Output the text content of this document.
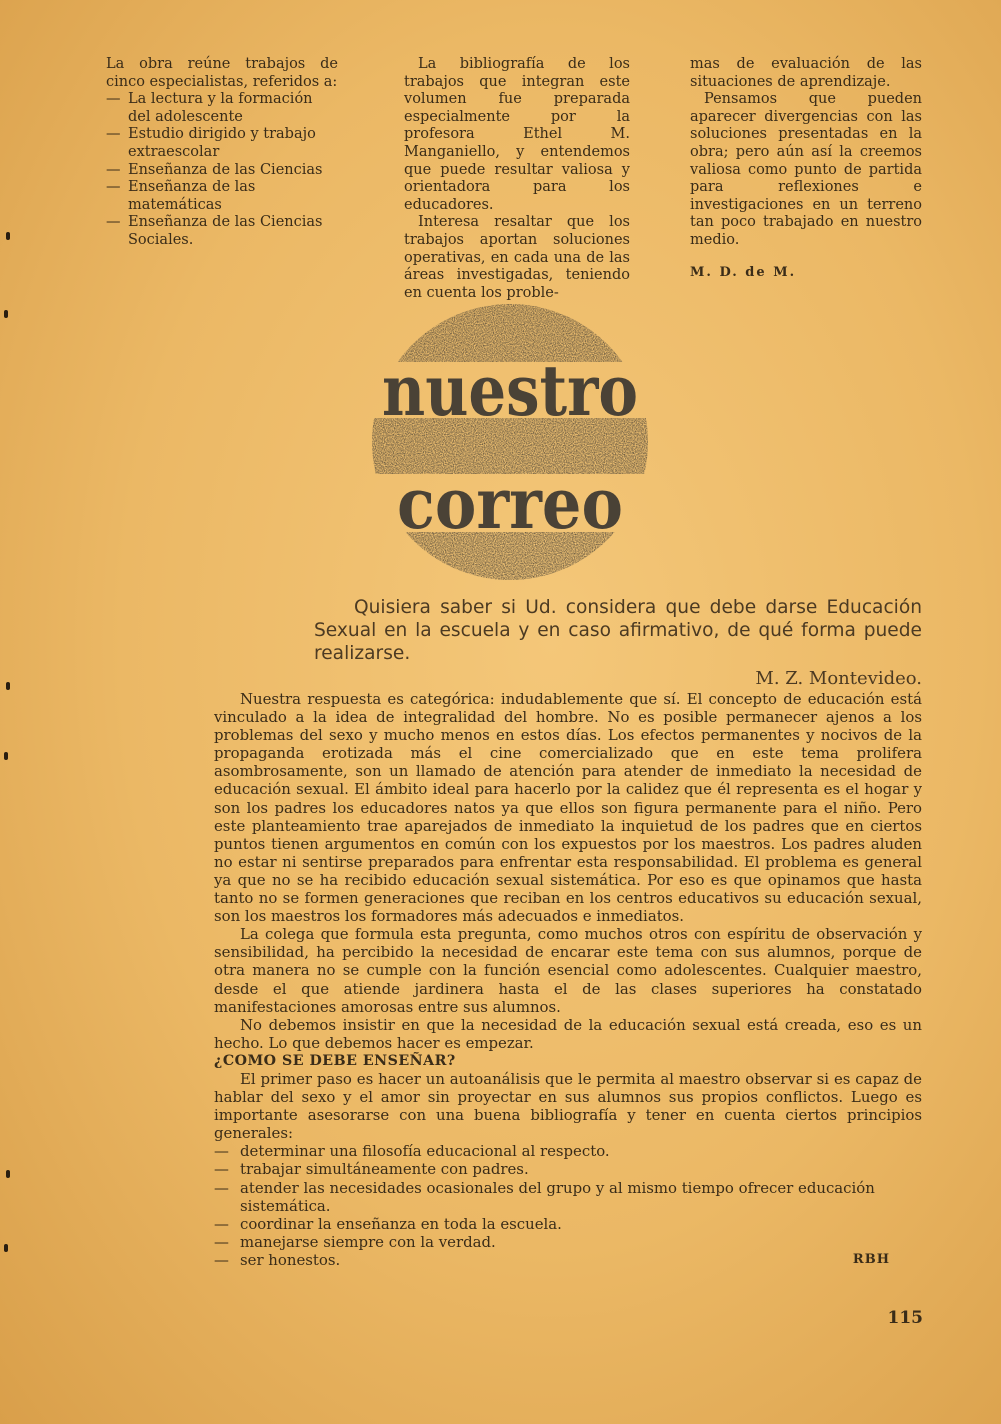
La obra reúne trabajos de cinco especialistas, referidos a:

— La lectura y la formación del adolescente
— Estudio dirigido y trabajo extraescolar
— Enseñanza de las Ciencias
— Enseñanza de las matemáticas
— Enseñanza de las Ciencias Sociales.

La bibliografía de los trabajos que integran este volumen fue preparada especialmente por la profesora Ethel M. Manganiello, y entendemos que puede resultar valiosa y orientadora para los educadores.

Interesa resaltar que los trabajos aportan soluciones operativas, en cada una de las áreas investigadas, teniendo en cuenta los proble-

mas de evaluación de las situaciones de aprendizaje.

Pensamos que pueden aparecer divergencias con las soluciones presentadas en la obra; pero aún así la creemos valiosa como punto de partida para reflexiones e investigaciones en un terreno tan poco trabajado en nuestro medio.

M. D. de M.

nuestro
correo

Quisiera saber si Ud. considera que debe darse Educación Sexual en la escuela y en caso afirmativo, de qué forma puede realizarse.

M. Z. Montevideo.

Nuestra respuesta es categórica: indudablemente que sí. El concepto de educación está vinculado a la idea de integralidad del hombre. No es posible permanecer ajenos a los problemas del sexo y mucho menos en estos días. Los efectos permanentes y nocivos de la propaganda erotizada más el cine comercializado que en este tema prolifera asombrosamente, son un llamado de atención para atender de inmediato la necesidad de educación sexual. El ámbito ideal para hacerlo por la calidez que él representa es el hogar y son los padres los educadores natos ya que ellos son figura permanente para el niño. Pero este planteamiento trae aparejados de inmediato la inquietud de los padres que en ciertos puntos tienen argumentos en común con los expuestos por los maestros. Los padres aluden no estar ni sentirse preparados para enfrentar esta responsabilidad. El problema es general ya que no se ha recibido educación sexual sistemática. Por eso es que opinamos que hasta tanto no se formen generaciones que reciban en los centros educativos su educación sexual, son los maestros los formadores más adecuados e inmediatos.

La colega que formula esta pregunta, como muchos otros con espíritu de observación y sensibilidad, ha percibido la necesidad de encarar este tema con sus alumnos, porque de otra manera no se cumple con la función esencial como adolescentes. Cualquier maestro, desde el que atiende jardinera hasta el de las clases superiores ha constatado manifestaciones amorosas entre sus alumnos.

No debemos insistir en que la necesidad de la educación sexual está creada, eso es un hecho. Lo que debemos hacer es empezar.

¿COMO SE DEBE ENSEÑAR?

El primer paso es hacer un autoanálisis que le permita al maestro observar si es capaz de hablar del sexo y el amor sin proyectar en sus alumnos sus propios conflictos. Luego es importante asesorarse con una buena bibliografía y tener en cuenta ciertos principios generales:

— determinar una filosofía educacional al respecto.
— trabajar simultáneamente con padres.
— atender las necesidades ocasionales del grupo y al mismo tiempo ofrecer educación sistemática.
— coordinar la enseñanza en toda la escuela.
— manejarse siempre con la verdad.
— ser honestos.	RBH
115
